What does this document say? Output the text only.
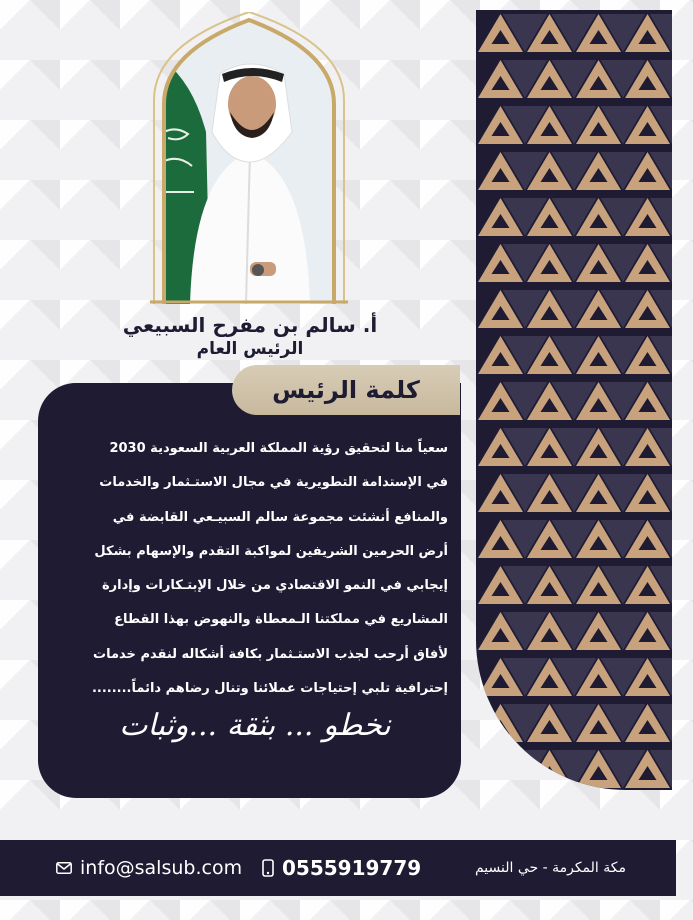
أ. سالم بن مفرح السبيعي
الرئيس العام
كلمة الرئيس
سعياً منا لتحقيق رؤية المملكة العربية السعودية 2030
في الإستدامة التطويرية في مجال الاستـثمار والخدمات
والمنافع أنشئت مجموعة سالم السبيـعي القابضة في
أرض الحرمين الشريفين لمواكبة التقدم والإسهام بشكل
إيجابي في النمو الاقتصادي من خلال الإبتـكارات وإدارة
المشاريع في مملكتنا الـمعطاة والنهوض بهذا القطاع
لأفاق أرحب لجذب الاستـثمار بكافة أشكاله لنقدم خدمات
إحترافية تلبي إحتياجات عملائنا وتنال رضاهم دائماً........
نخطو ... بثقة ...وثبات
info@salsub.com 0555919779	مكة المكرمة - حي النسيم
